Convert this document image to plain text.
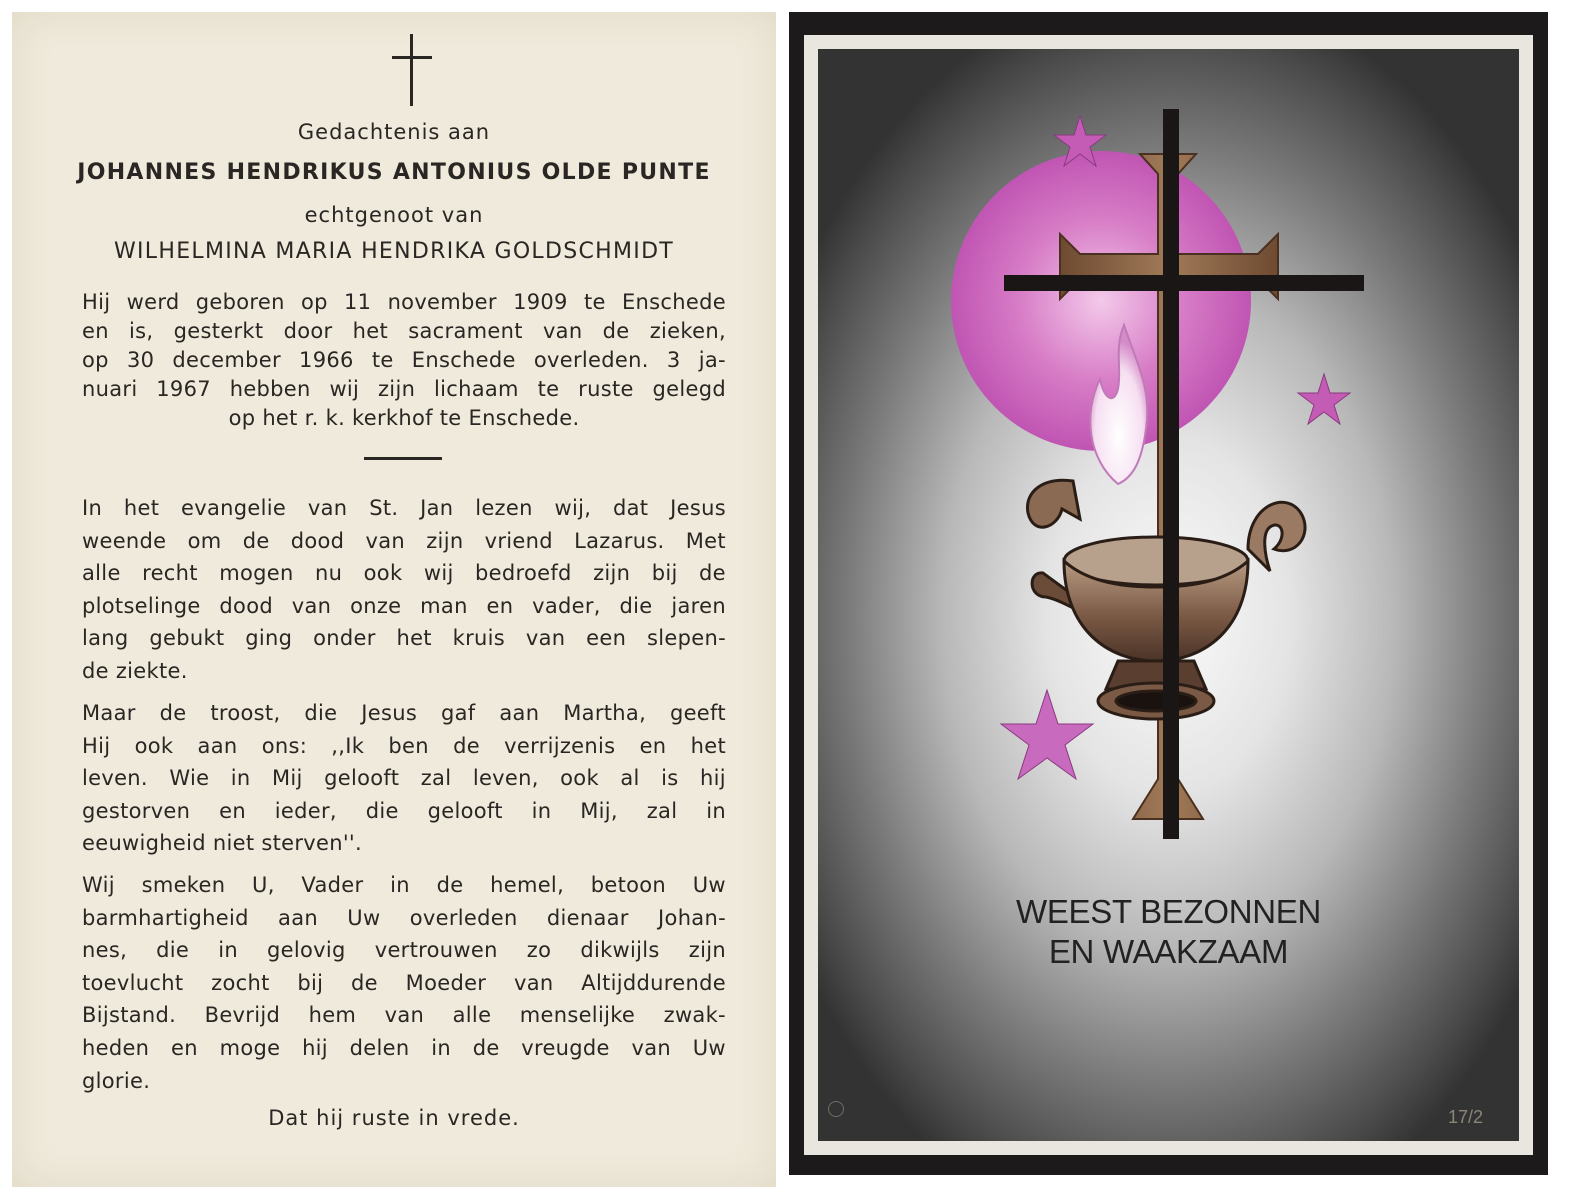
Gedachtenis aan

JOHANNES HENDRIKUS ANTONIUS OLDE PUNTE

echtgenoot van

WILHELMINA MARIA HENDRIKA GOLDSCHMIDT

Hij werd geboren op 11 november 1909 te Enschede
en is, gesterkt door het sacrament van de zieken,
op 30 december 1966 te Enschede overleden. 3 ja-
nuari 1967 hebben wij zijn lichaam te ruste gelegd
op het r. k. kerkhof te Enschede.
In het evangelie van St. Jan lezen wij, dat Jesus
weende om de dood van zijn vriend Lazarus. Met
alle recht mogen nu ook wij bedroefd zijn bij de
plotselinge dood van onze man en vader, die jaren
lang gebukt ging onder het kruis van een slepen-
de ziekte.
Maar de troost, die Jesus gaf aan Martha, geeft
Hij ook aan ons: ,,Ik ben de verrijzenis en het
leven. Wie in Mij gelooft zal leven, ook al is hij
gestorven en ieder, die gelooft in Mij, zal in
eeuwigheid niet sterven''.
Wij smeken U, Vader in de hemel, betoon Uw
barmhartigheid aan Uw overleden dienaar Johan-
nes, die in gelovig vertrouwen zo dikwijls zijn
toevlucht zocht bij de Moeder van Altijddurende
Bijstand. Bevrijd hem van alle menselijke zwak-
heden en moge hij delen in de vreugde van Uw
glorie.

Dat hij ruste in vrede.

WEEST BEZONNEN
EN WAAKZAAM
17/2
